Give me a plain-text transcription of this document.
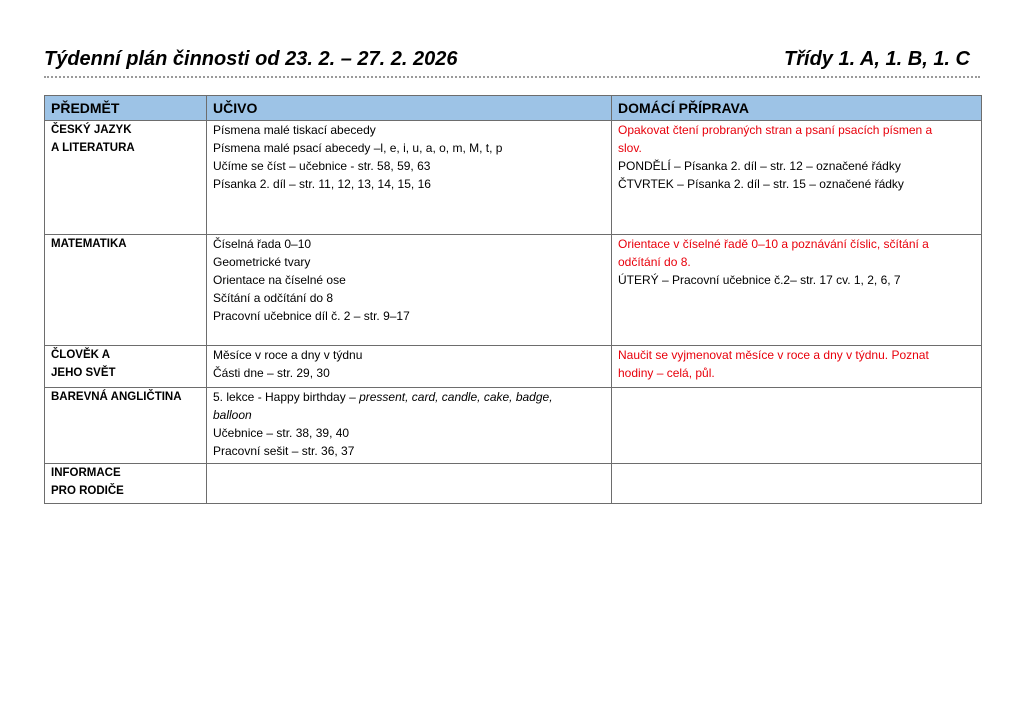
Týdenní plán činnosti od 23. 2. – 27. 2. 2026	Třídy 1. A, 1. B, 1. C
PŘEDMĚT	UČIVO	DOMÁCÍ PŘÍPRAVA

ČESKÝ JAZYK
A LITERATURA	Písmena malé tiskací abecedy
Písmena malé psací abecedy –l, e, i, u, a, o, m, M, t, p
Učíme se číst – učebnice - str. 58, 59, 63
Písanka 2. díl – str. 11, 12, 13, 14, 15, 16	Opakovat čtení probraných stran a psaní psacích písmen a
slov.
PONDĚLÍ – Písanka 2. díl – str. 12 – označené řádky
ČTVRTEK – Písanka 2. díl – str. 15 – označené řádky

MATEMATIKA	Číselná řada 0–10
Geometrické tvary
Orientace na číselné ose
Sčítání a odčítání do 8
Pracovní učebnice díl č. 2 – str. 9–17	Orientace v číselné řadě 0–10 a poznávání číslic, sčítání a
odčítání do 8.
ÚTERÝ – Pracovní učebnice č.2– str. 17 cv. 1, 2, 6, 7

ČLOVĚK A
JEHO SVĚT	Měsíce v roce a dny v týdnu
Části dne – str. 29, 30	Naučit se vyjmenovat měsíce v roce a dny v týdnu. Poznat
hodiny – celá, půl.

BAREVNÁ ANGLIČTINA	5. lekce - Happy birthday – pressent, card, candle, cake, badge,
balloon
Učebnice – str. 38, 39, 40
Pracovní sešit – str. 36, 37	

INFORMACE
PRO RODIČE		
